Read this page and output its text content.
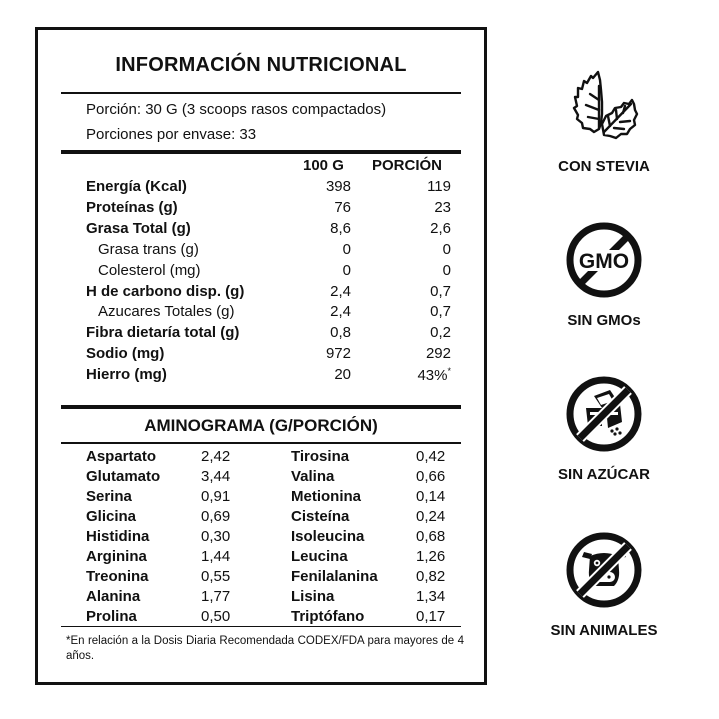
INFORMACIÓN NUTRICIONAL
Porción: 30 G (3 scoops rasos compactados)
Porciones por envase: 33
100 G PORCIÓN
Energía (Kcal)	398	119
Proteínas (g)	76	23
Grasa Total (g)	8,6	2,6
Grasa trans (g)	0	0
Colesterol (mg)	0	0
H de carbono disp. (g)	2,4	0,7
Azucares Totales (g)	2,4	0,7
Fibra dietaría total (g)	0,8	0,2
Sodio (mg)	972	292
Hierro (mg)	20	43%*
AMINOGRAMA (G/PORCIÓN)
Aspartato	2,42	Tirosina	0,42
Glutamato	3,44	Valina	0,66
Serina	0,91	Metionina	0,14
Glicina	0,69	Cisteína	0,24
Histidina	0,30	Isoleucina	0,68
Arginina	1,44	Leucina	1,26
Treonina	0,55	Fenilalanina	0,82
Alanina	1,77	Lisina	1,34
Prolina	0,50	Triptófano	0,17
*En relación a la Dosis Diaria Recomendada CODEX/FDA para mayores de 4 años.
CON STEVIA
GMO
SIN GMOs
SIN AZÚCAR
SIN ANIMALES
